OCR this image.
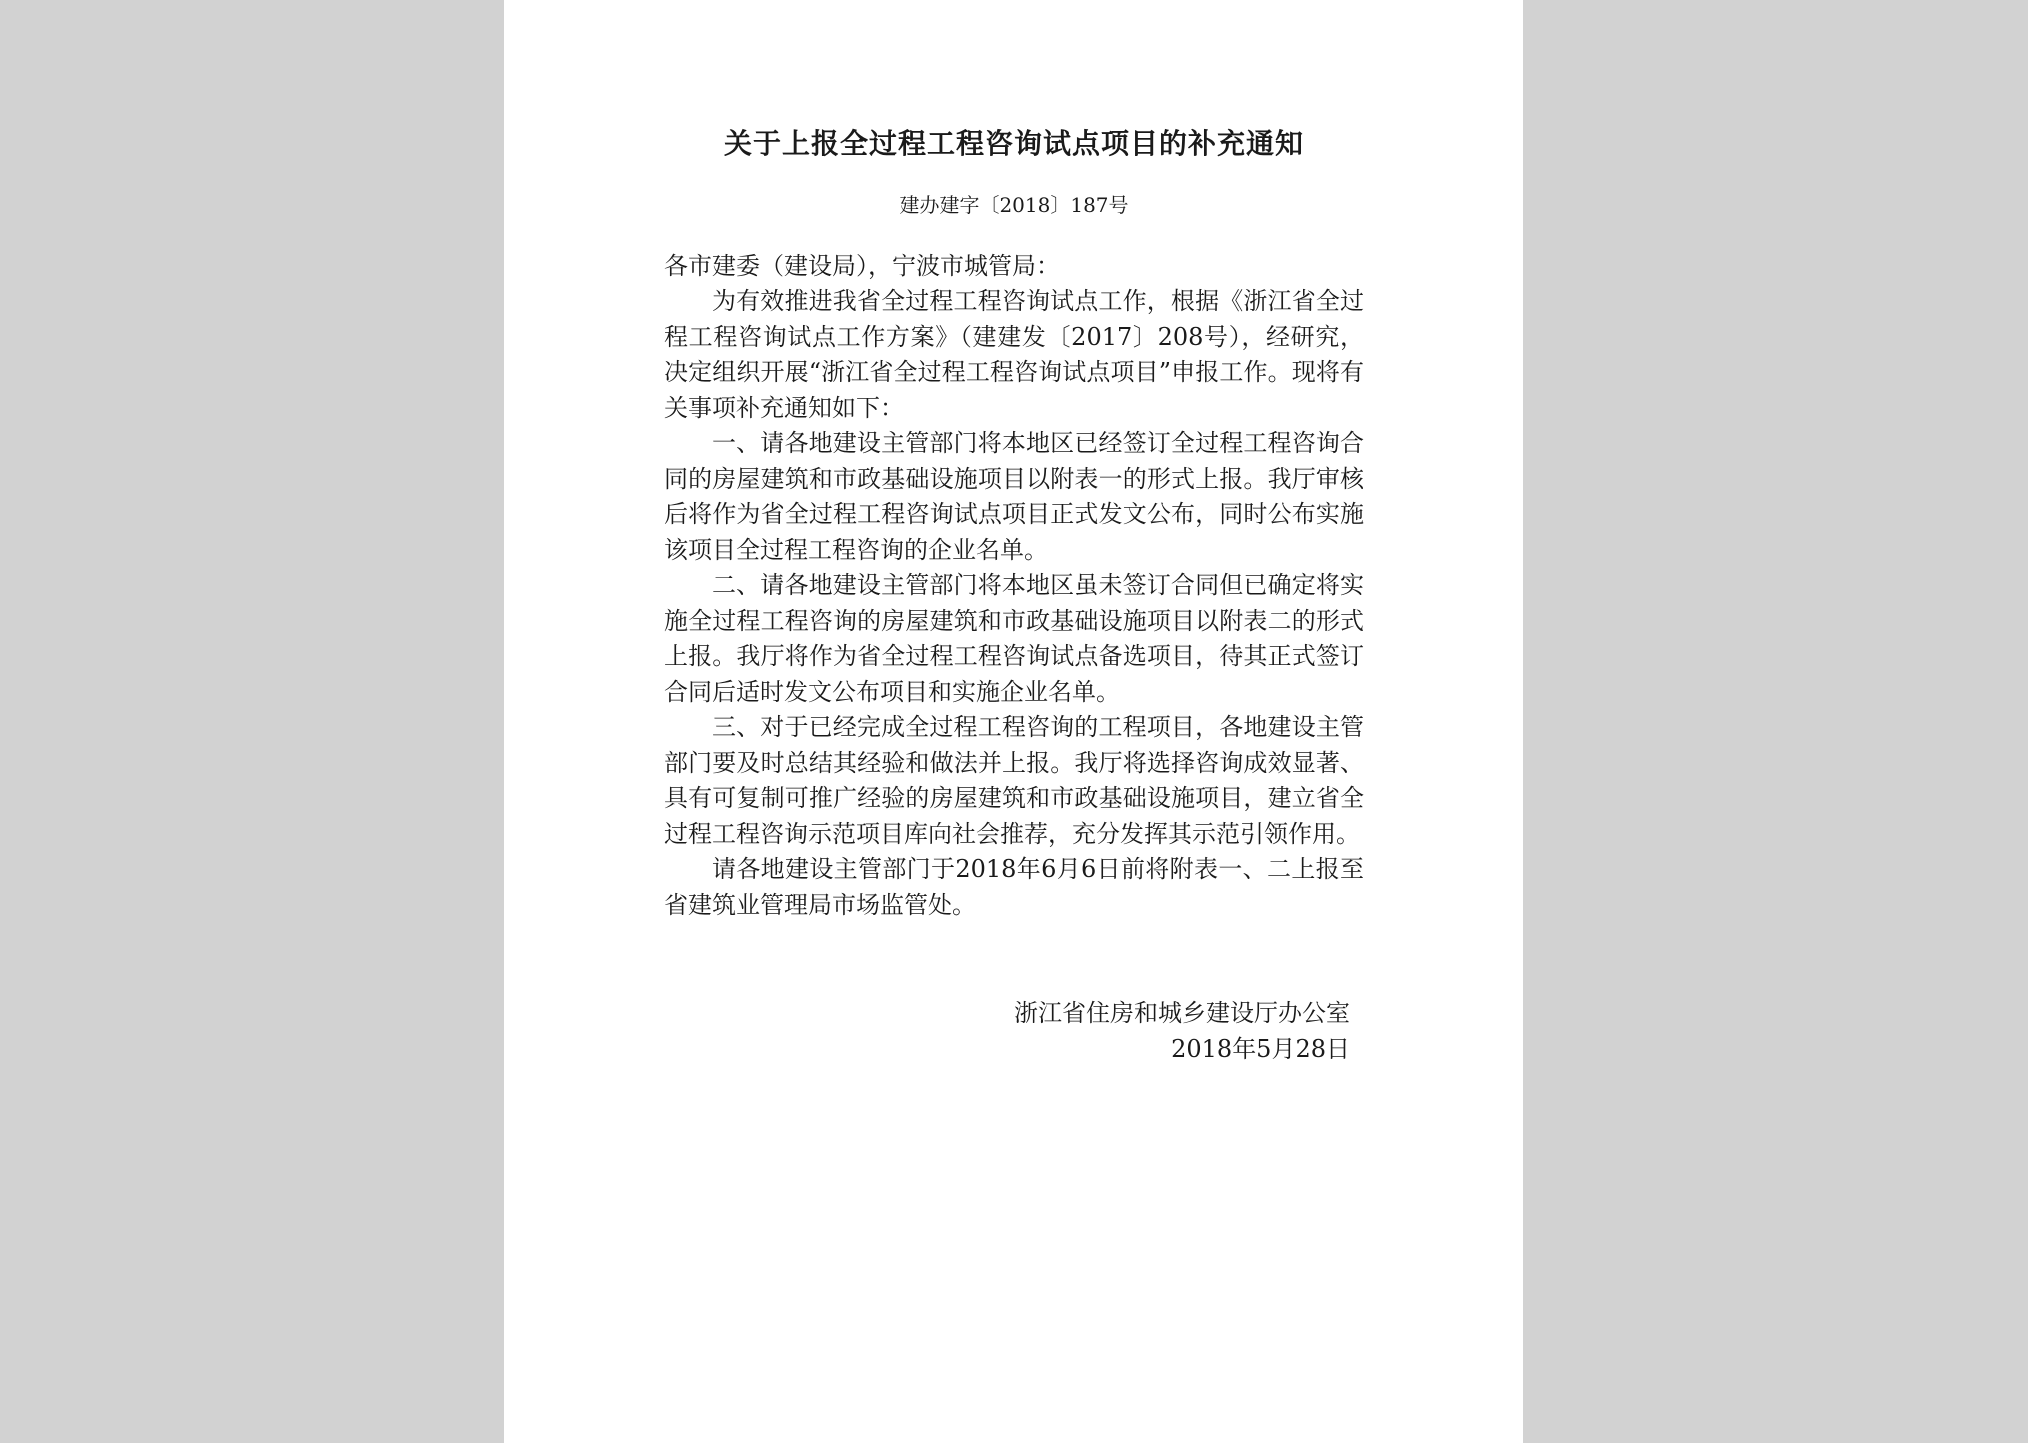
关于上报全过程工程咨询试点项目的补充通知
建办建字〔2018〕187号
各市建委（建设局），宁波市城管局：

为有效推进我省全过程工程咨询试点工作，根据《浙江省全过程工程咨询试点工作方案》（建建发〔2017〕208号），经研究，决定组织开展“浙江省全过程工程咨询试点项目”申报工作。现将有关事项补充通知如下：

一、请各地建设主管部门将本地区已经签订全过程工程咨询合同的房屋建筑和市政基础设施项目以附表一的形式上报。我厅审核后将作为省全过程工程咨询试点项目正式发文公布，同时公布实施该项目全过程工程咨询的企业名单。

二、请各地建设主管部门将本地区虽未签订合同但已确定将实施全过程工程咨询的房屋建筑和市政基础设施项目以附表二的形式上报。我厅将作为省全过程工程咨询试点备选项目，待其正式签订合同后适时发文公布项目和实施企业名单。

三、对于已经完成全过程工程咨询的工程项目，各地建设主管部门要及时总结其经验和做法并上报。我厅将选择咨询成效显著、具有可复制可推广经验的房屋建筑和市政基础设施项目，建立省全过程工程咨询示范项目库向社会推荐，充分发挥其示范引领作用。

请各地建设主管部门于2018年6月6日前将附表一、二上报至省建筑业管理局市场监管处。

浙江省住房和城乡建设厅办公室
2018年5月28日
